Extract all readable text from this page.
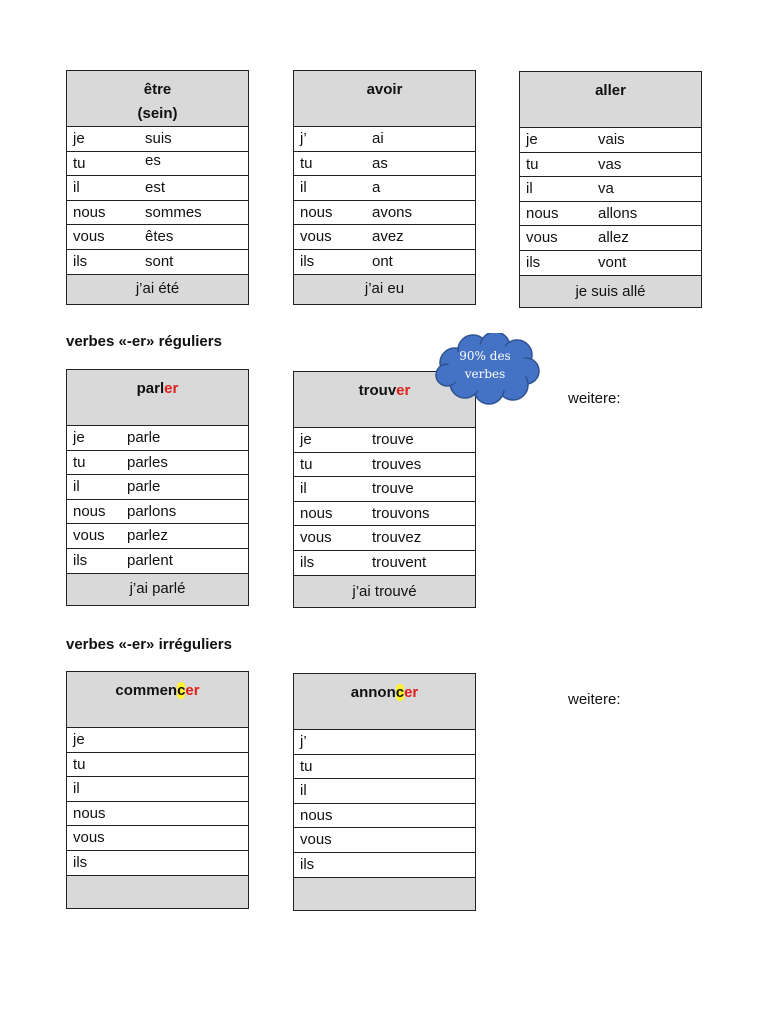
être
(sein)
je	suis
tu	es
il	est
nous	sommes
vous	êtes
ils	sont
j’ai été
avoir
j’	ai
tu	as
il	a
nous	avons
vous	avez
ils	ont
j’ai eu
aller
je	vais
tu	vas
il	va
nous	allons
vous	allez
ils	vont
je suis allé
verbes «-er» réguliers
parler
je	parle
tu	parles
il	parle
nous parlons
vous parlez
ils	parlent
j’ai parlé
trouver
je	trouve
tu	trouves
il	trouve
nous	trouvons
vous	trouvez
ils	trouvent
j’ai trouvé
90% des
verbes
weitere:
verbes «-er» irréguliers
commencer
je
tu
il
nous
vous
ils
annoncer
j’
tu
il
nous
vous
ils
weitere:
